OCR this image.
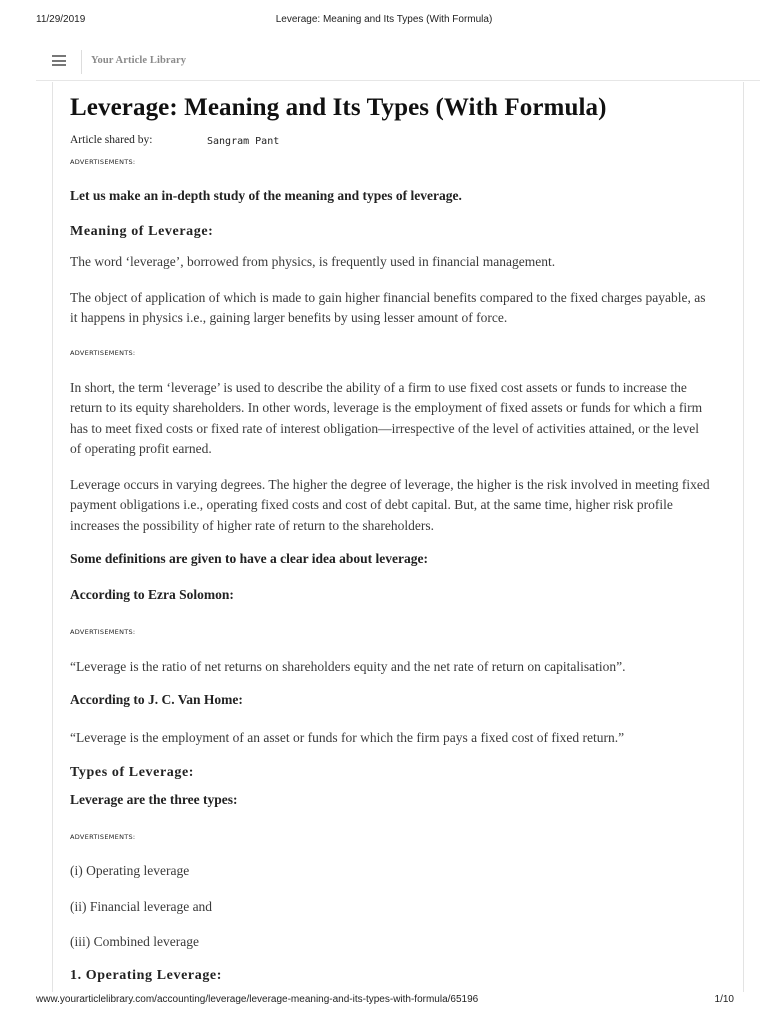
11/29/2019	Leverage: Meaning and Its Types (With Formula)
Your Article Library
Leverage: Meaning and Its Types (With Formula)
Article shared by:	Sangram Pant
ADVERTISEMENTS:

Let us make an in-depth study of the meaning and types of leverage.

Meaning of Leverage:

The word ‘leverage’, borrowed from physics, is frequently used in financial management.

The object of application of which is made to gain higher financial benefits compared to the fixed charges payable, as it happens in physics i.e., gaining larger benefits by using lesser amount of force.

ADVERTISEMENTS:

In short, the term ‘leverage’ is used to describe the ability of a firm to use fixed cost assets or funds to increase the return to its equity shareholders. In other words, leverage is the employment of fixed assets or funds for which a firm has to meet fixed costs or fixed rate of interest obligation—irrespective of the level of activities attained, or the level of operating profit earned.

Leverage occurs in varying degrees. The higher the degree of leverage, the higher is the risk involved in meeting fixed payment obligations i.e., operating fixed costs and cost of debt capital. But, at the same time, higher risk profile increases the possibility of higher rate of return to the shareholders.

Some definitions are given to have a clear idea about leverage:

According to Ezra Solomon:

ADVERTISEMENTS:

“Leverage is the ratio of net returns on shareholders equity and the net rate of return on capitalisation”.

According to J. C. Van Home:

“Leverage is the employment of an asset or funds for which the firm pays a fixed cost of fixed return.”

Types of Leverage:

Leverage are the three types:

ADVERTISEMENTS:

(i) Operating leverage

(ii) Financial leverage and

(iii) Combined leverage

1. Operating Leverage:

www.yourarticlelibrary.com/accounting/leverage/leverage-meaning-and-its-types-with-formula/65196	1/10
